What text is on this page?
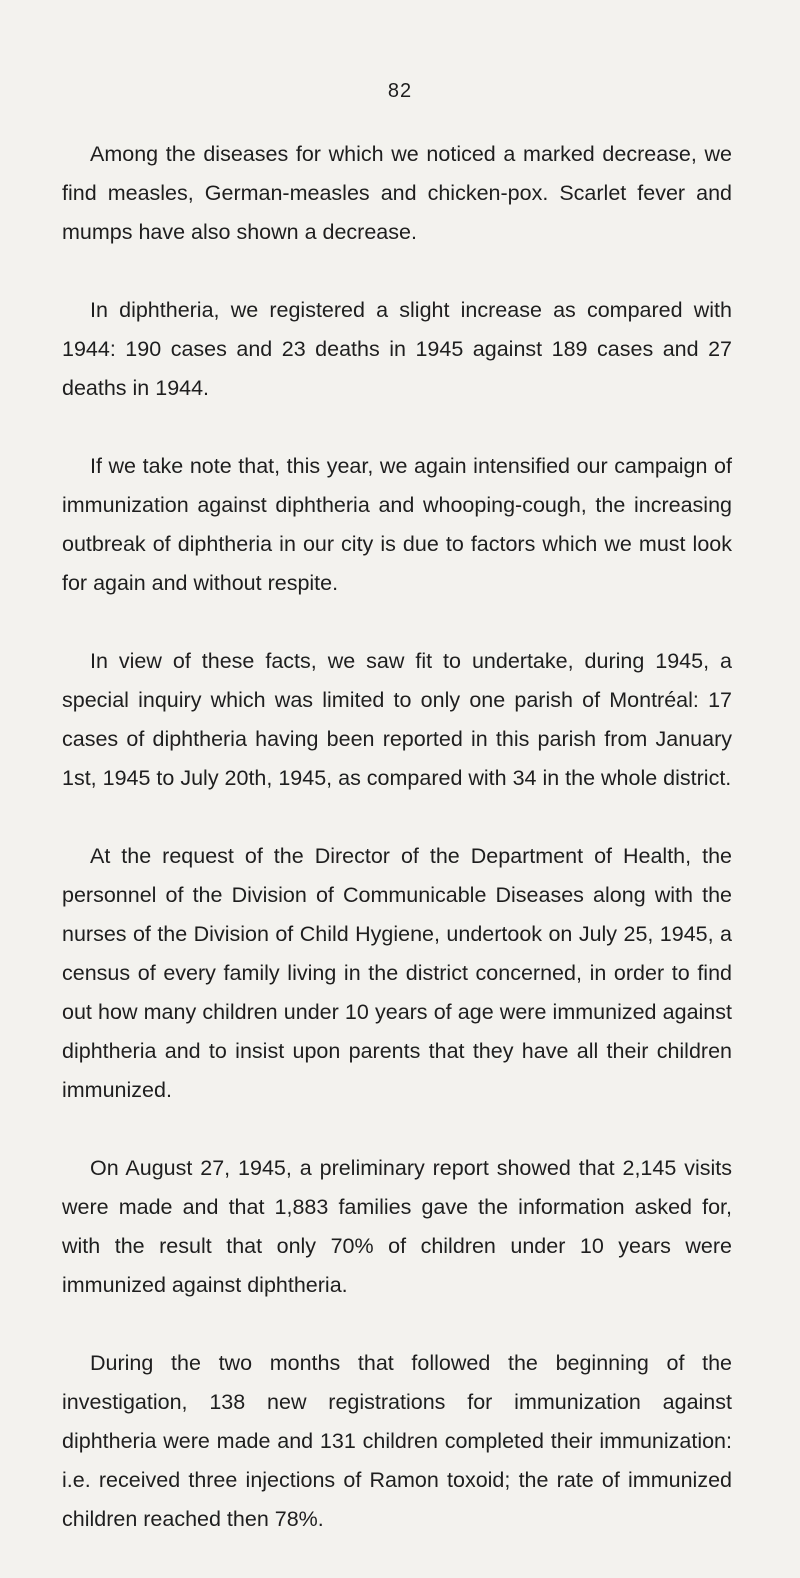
82

Among the diseases for which we noticed a marked decrease, we find measles, German-measles and chicken-pox. Scarlet fever and mumps have also shown a decrease.

In diphtheria, we registered a slight increase as compared with 1944: 190 cases and 23 deaths in 1945 against 189 cases and 27 deaths in 1944.

If we take note that, this year, we again intensified our campaign of immunization against diphtheria and whooping-cough, the increasing outbreak of diphtheria in our city is due to factors which we must look for again and without respite.

In view of these facts, we saw fit to undertake, during 1945, a special inquiry which was limited to only one parish of Montréal: 17 cases of diphtheria having been reported in this parish from January 1st, 1945 to July 20th, 1945, as compared with 34 in the whole district.

At the request of the Director of the Department of Health, the personnel of the Division of Communicable Diseases along with the nurses of the Division of Child Hygiene, undertook on July 25, 1945, a census of every family living in the district concerned, in order to find out how many children under 10 years of age were immunized against diphtheria and to insist upon parents that they have all their children immunized.

On August 27, 1945, a preliminary report showed that 2,145 visits were made and that 1,883 families gave the information asked for, with the result that only 70% of children under 10 years were immunized against diphtheria.

During the two months that followed the beginning of the investigation, 138 new registrations for immunization against diphtheria were made and 131 children completed their immunization: i.e. received three injections of Ramon toxoid; the rate of immunized children reached then 78%.
